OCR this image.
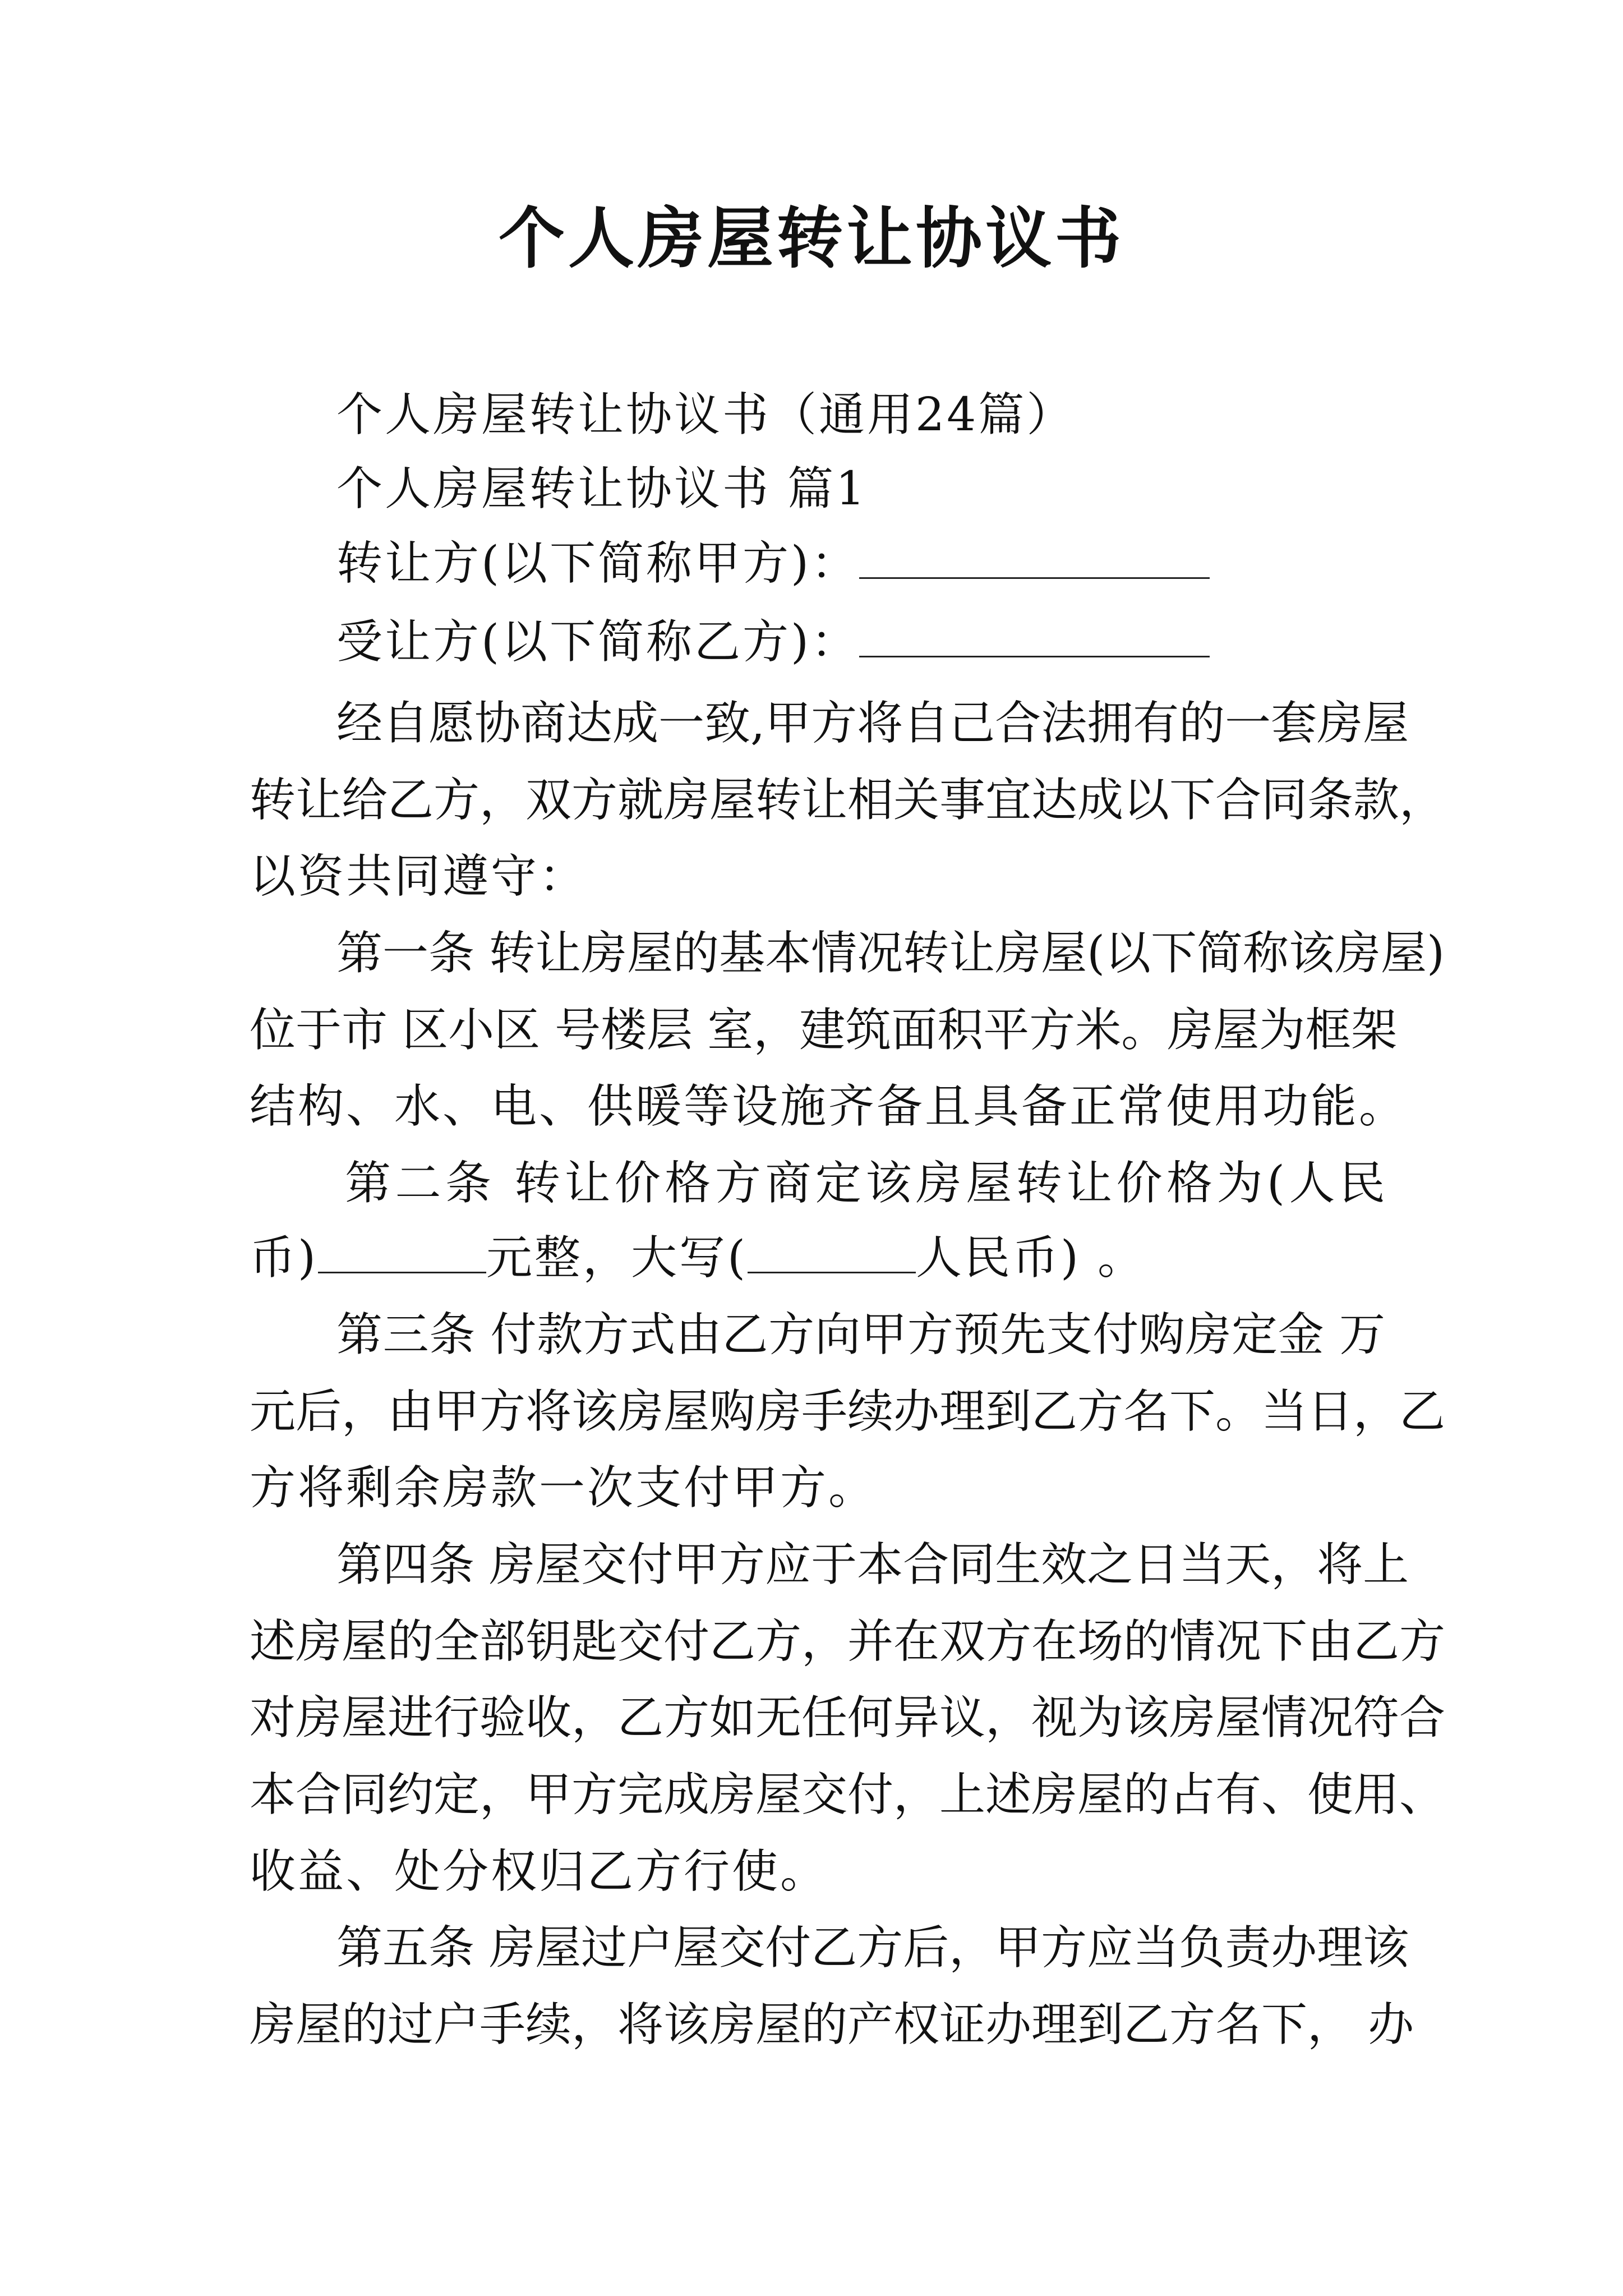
个人房屋转让协议书
个人房屋转让协议书（通用24篇）
个人房屋转让协议书 篇1
转让方(以下简称甲方)：
受让方(以下简称乙方)：
经自愿协商达成一致,甲方将自己合法拥有的一套房屋
转让给乙方，双方就房屋转让相关事宜达成以下合同条款，
以资共同遵守：
第一条 转让房屋的基本情况转让房屋(以下简称该房屋)
位于市 区小区 号楼层 室，建筑面积平方米。房屋为框架
结构、水、电、供暖等设施齐备且具备正常使用功能。
第二条 转让价格方商定该房屋转让价格为(人民
币)	元整，大写(	人民币) 。
第三条 付款方式由乙方向甲方预先支付购房定金 万
元后，由甲方将该房屋购房手续办理到乙方名下。当日，乙
方将剩余房款一次支付甲方。
第四条 房屋交付甲方应于本合同生效之日当天，将上
述房屋的全部钥匙交付乙方，并在双方在场的情况下由乙方
对房屋进行验收，乙方如无任何异议，视为该房屋情况符合
本合同约定，甲方完成房屋交付，上述房屋的占有、使用、
收益、处分权归乙方行使。
第五条 房屋过户屋交付乙方后，甲方应当负责办理该
房屋的过户手续，将该房屋的产权证办理到乙方名下， 办
